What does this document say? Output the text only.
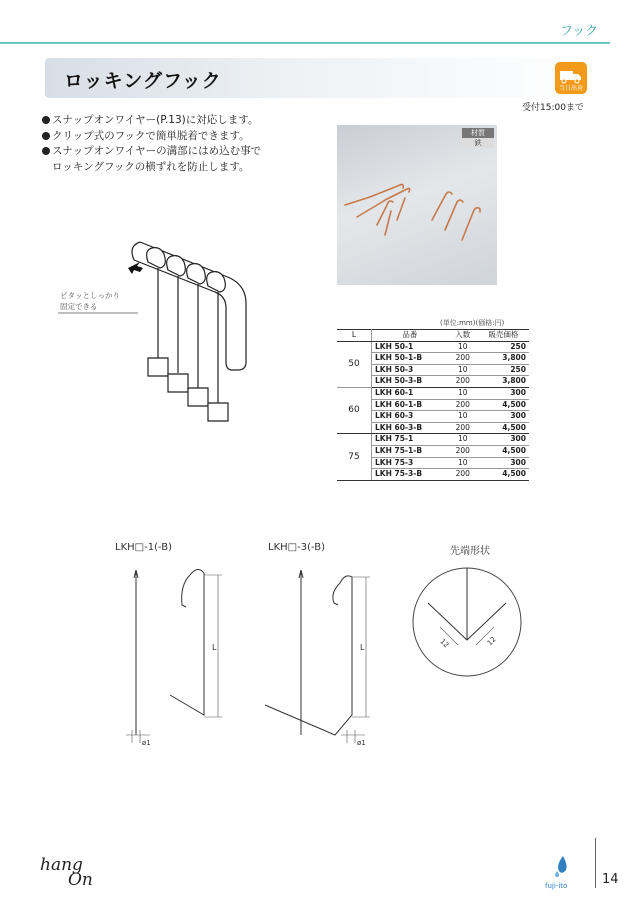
フック
ロッキングフック	当日出荷
受付15:00まで
スナップオンワイヤー(P.13)に対応します。
クリップ式のフックで簡単脱着できます。
スナップオンワイヤーの溝部にはめ込む事で
ロッキングフックの横ずれを防止します。
材質
鉄
ピタッとしっかり
固定できる
(単位:mm)(価格:円)
L	品番	入数	販売価格
50	LKH 50-1	10	250
	LKH 50-1-B	200	3,800
	LKH 50-3	10	250
	LKH 50-3-B	200	3,800
60	LKH 60-1	10	300
	LKH 60-1-B	200	4,500
	LKH 60-3	10	300
	LKH 60-3-B	200	4,500
75	LKH 75-1	10	300
	LKH 75-1-B	200	4,500
	LKH 75-3	10	300
	LKH 75-3-B	200	4,500
LKH□-1(-B)	LKH□-3(-B)	先端形状
L
ø1
L
ø1
12	12
hang
On	fuji-ito	14
